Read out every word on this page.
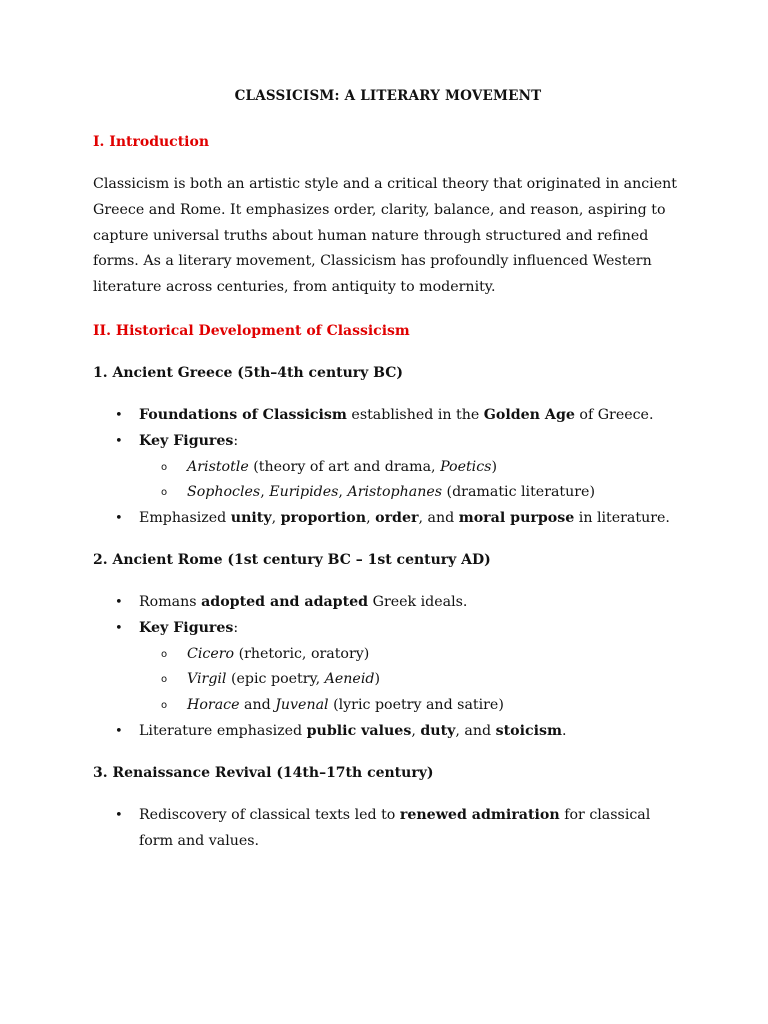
CLASSICISM: A LITERARY MOVEMENT
I. Introduction

Classicism is both an artistic style and a critical theory that originated in ancient Greece and Rome. It emphasizes order, clarity, balance, and reason, aspiring to capture universal truths about human nature through structured and refined forms. As a literary movement, Classicism has profoundly influenced Western literature across centuries, from antiquity to modernity.

II. Historical Development of Classicism
1. Ancient Greece (5th–4th century BC)
• Foundations of Classicism established in the Golden Age of Greece.
• Key Figures:
o Aristotle (theory of art and drama, Poetics)
o Sophocles, Euripides, Aristophanes (dramatic literature)
• Emphasized unity, proportion, order, and moral purpose in literature.
2. Ancient Rome (1st century BC – 1st century AD)
• Romans adopted and adapted Greek ideals.
• Key Figures:
o Cicero (rhetoric, oratory)
o Virgil (epic poetry, Aeneid)
o Horace and Juvenal (lyric poetry and satire)
• Literature emphasized public values, duty, and stoicism.
3. Renaissance Revival (14th–17th century)
• Rediscovery of classical texts led to renewed admiration for classical form and values.
